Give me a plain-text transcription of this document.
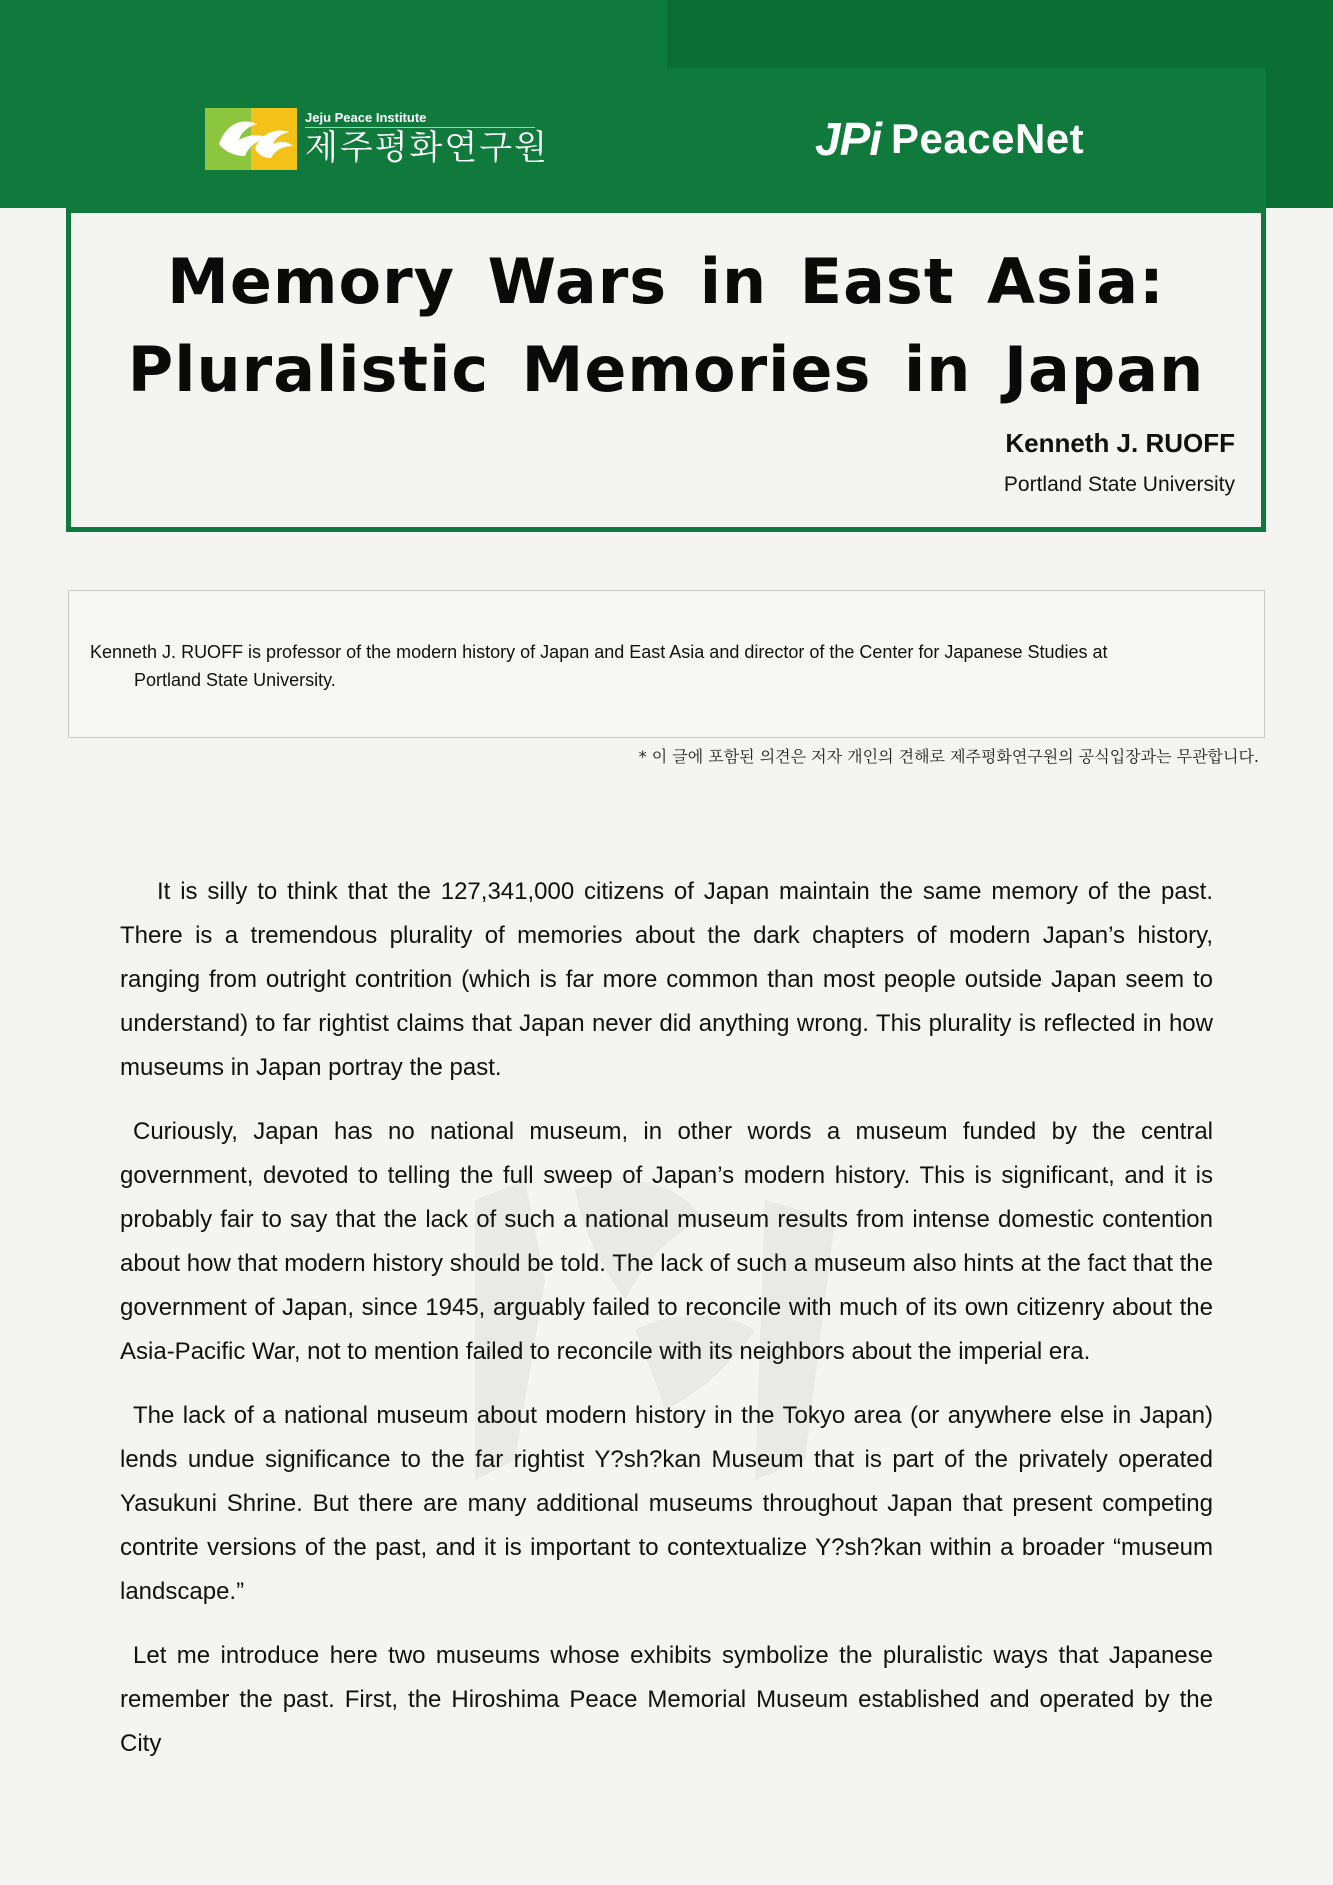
Jeju Peace Institute
제주평화연구원	JPi PeaceNet
Memory Wars in East Asia:
Pluralistic Memories in Japan
Kenneth J. RUOFF
Portland State University
Kenneth J. RUOFF is professor of the modern history of Japan and East Asia and director of the Center for Japanese Studies at
Portland State University.
* 이 글에 포함된 의견은 저자 개인의 견해로 제주평화연구원의 공식입장과는 무관합니다.

It is silly to think that the 127,341,000 citizens of Japan maintain the same memory of the past. There is a tremendous plurality of memories about the dark chapters of modern Japan’s history, ranging from outright contrition (which is far more common than most people outside Japan seem to understand) to far rightist claims that Japan never did anything wrong. This plurality is reflected in how museums in Japan portray the past.

Curiously, Japan has no national museum, in other words a museum funded by the central government, devoted to telling the full sweep of Japan’s modern history. This is significant, and it is probably fair to say that the lack of such a national museum results from intense domestic contention about how that modern history should be told. The lack of such a museum also hints at the fact that the government of Japan, since 1945, arguably failed to reconcile with much of its own citizenry about the Asia-Pacific War, not to mention failed to reconcile with its neighbors about the imperial era.

The lack of a national museum about modern history in the Tokyo area (or anywhere else in Japan) lends undue significance to the far rightist Y?sh?kan Museum that is part of the privately operated Yasukuni Shrine. But there are many additional museums throughout Japan that present competing contrite versions of the past, and it is important to contextualize Y?sh?kan within a broader “museum landscape.”

Let me introduce here two museums whose exhibits symbolize the pluralistic ways that Japanese remember the past. First, the Hiroshima Peace Memorial Museum established and operated by the City
